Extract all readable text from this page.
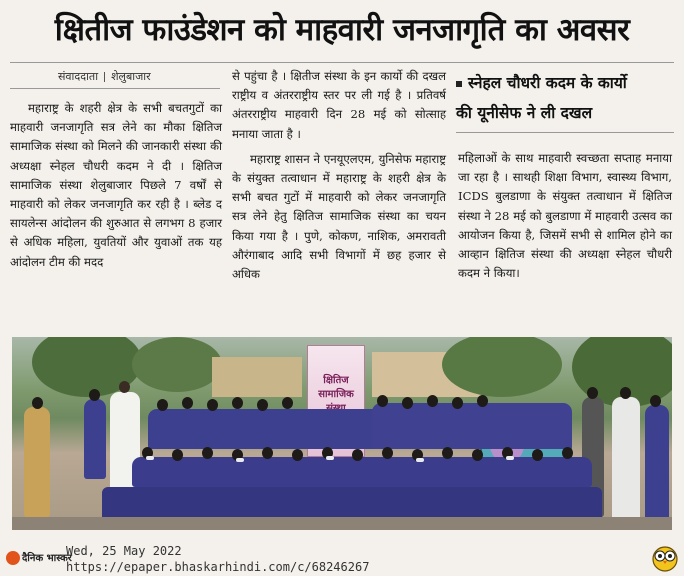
क्षितीज फाउंडेशन को माहवारी जनजागृति का अवसर
संवाददाता शेलुबाजार

महाराष्ट्र के शहरी क्षेत्र के सभी बचतगुटों का माहवारी जनजागृति सत्र लेने का मौका क्षितिज सामाजिक संस्था को मिलने की जानकारी संस्था की अध्यक्षा स्नेहल चौधरी कदम ने दी । क्षितिज सामाजिक संस्था शेलुबाजार पिछले 7 वर्षों से माहवारी को लेकर जनजागृति कर रही है । ब्लेड द सायलेन्स आंदोलन की शुरुआत से लगभग 8 हजार से अधिक महिला, युवतियों और युवाओं तक यह आंदोलन टीम की मदद

से पहुंचा है । क्षितीज संस्था के इन कार्यो की दखल राष्ट्रीय व अंतरराष्ट्रीय स्तर पर ली गई है । प्रतिवर्ष अंतरराष्ट्रीय माहवारी दिन 28 मई को सोत्साह मनाया जाता है ।

महाराष्ट्र शासन ने एनयूएलएम, युनिसेफ महाराष्ट्र के संयुक्त तत्वाधान में महाराष्ट्र के शहरी क्षेत्र के सभी बचत गुटों में माहवारी को लेकर जनजागृति सत्र लेने हेतु क्षितिज सामाजिक संस्था का चयन किया गया है । पुणे, कोकण, नाशिक, अमरावती औरंगाबाद आदि सभी विभागों में छह हजार से अधिक

स्नेहल चौधरी कदम के कार्यो
की यूनीसेफ ने ली दखल

महिलाओं के साथ माहवारी स्वच्छता सप्ताह मनाया जा रहा है । साथही शिक्षा विभाग, स्वास्थ्य विभाग, ICDS बुलडाणा के संयुक्त तत्वाधान में क्षितिज संस्था ने 28 मई को बुलडाणा में माहवारी उत्सव का आयोजन किया है, जिसमें सभी से शामिल होने का आव्हान क्षितिज संस्था की अध्यक्षा स्नेहल चौधरी कदम ने किया।

क्षितिज सामाजिक
दैनिक भास्कर
Wed, 25 May 2022
https://epaper.bhaskarhindi.com/c/68246267
